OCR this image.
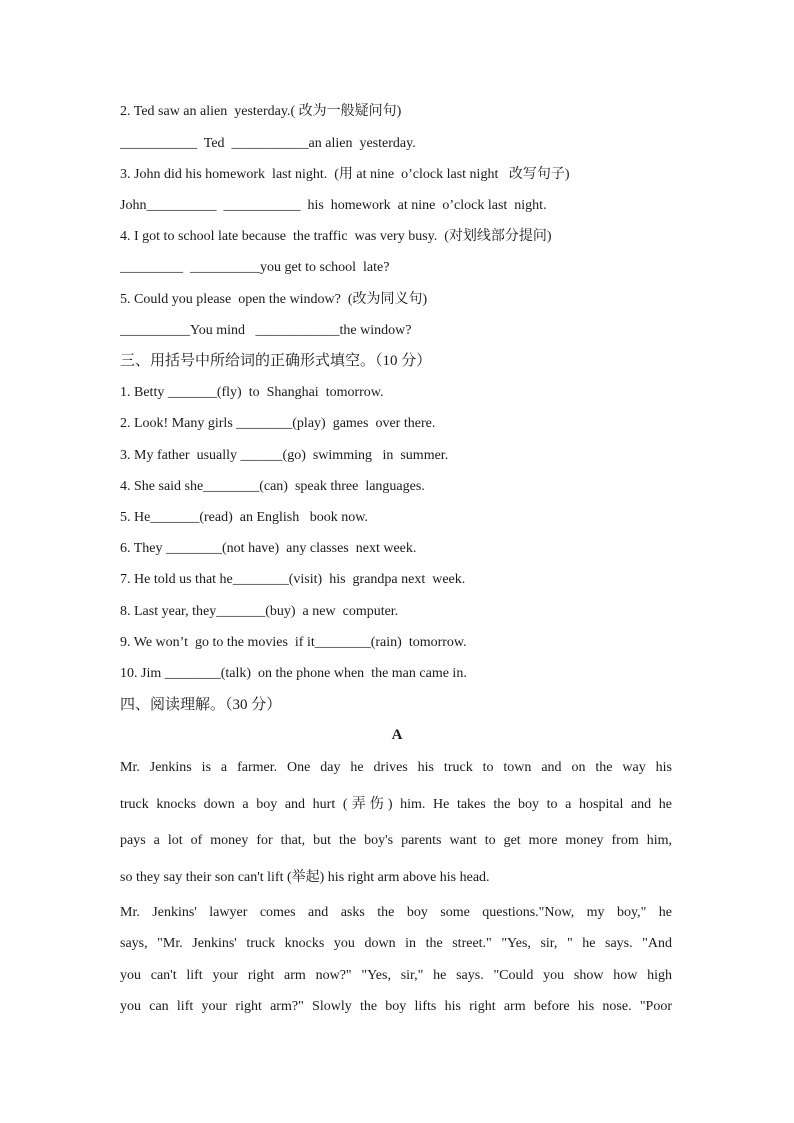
2. Ted saw an alien  yesterday.( 改为一般疑问句)
___________  Ted  ___________an alien  yesterday.
3. John did his homework  last night.  (用 at nine  o’clock last night   改写句子)
John__________  ___________  his  homework  at nine  o’clock last  night.
4. I got to school late because  the traffic  was very busy.  (对划线部分提问)
_________  __________you get to school  late?
5. Could you please  open the window?  (改为同义句)
__________You mind   ____________the window?
三、用括号中所给词的正确形式填空。（10 分）
1. Betty _______(fly)  to  Shanghai  tomorrow.
2. Look! Many girls ________(play)  games  over there.
3. My father  usually ______(go)  swimming   in  summer.
4. She said she________(can)  speak three  languages.
5. He_______(read)  an English   book now.
6. They ________(not have)  any classes  next week.
7. He told us that he________(visit)  his  grandpa next  week.
8. Last year, they_______(buy)  a new  computer.
9. We won’t  go to the movies  if it________(rain)  tomorrow.
10. Jim ________(talk)  on the phone when  the man came in.
四、阅读理解。（30 分）
A
Mr. Jenkins is a farmer. One day he drives his truck to town and on the way his
truck knocks down a boy and hurt (弄伤) him. He takes the boy to a hospital and he
pays a lot of money for that, but the boy's parents want to get more money from him,
so they say their son can't lift (举起) his right arm above his head.
Mr. Jenkins' lawyer comes and asks the boy some questions."Now, my boy," he
says, "Mr. Jenkins' truck knocks you down in the street." "Yes, sir, " he says. "And
you can't lift your right arm now?" "Yes, sir," he says. "Could you show how high
you can lift your right arm?" Slowly the boy lifts his right arm before his nose. "Poor
